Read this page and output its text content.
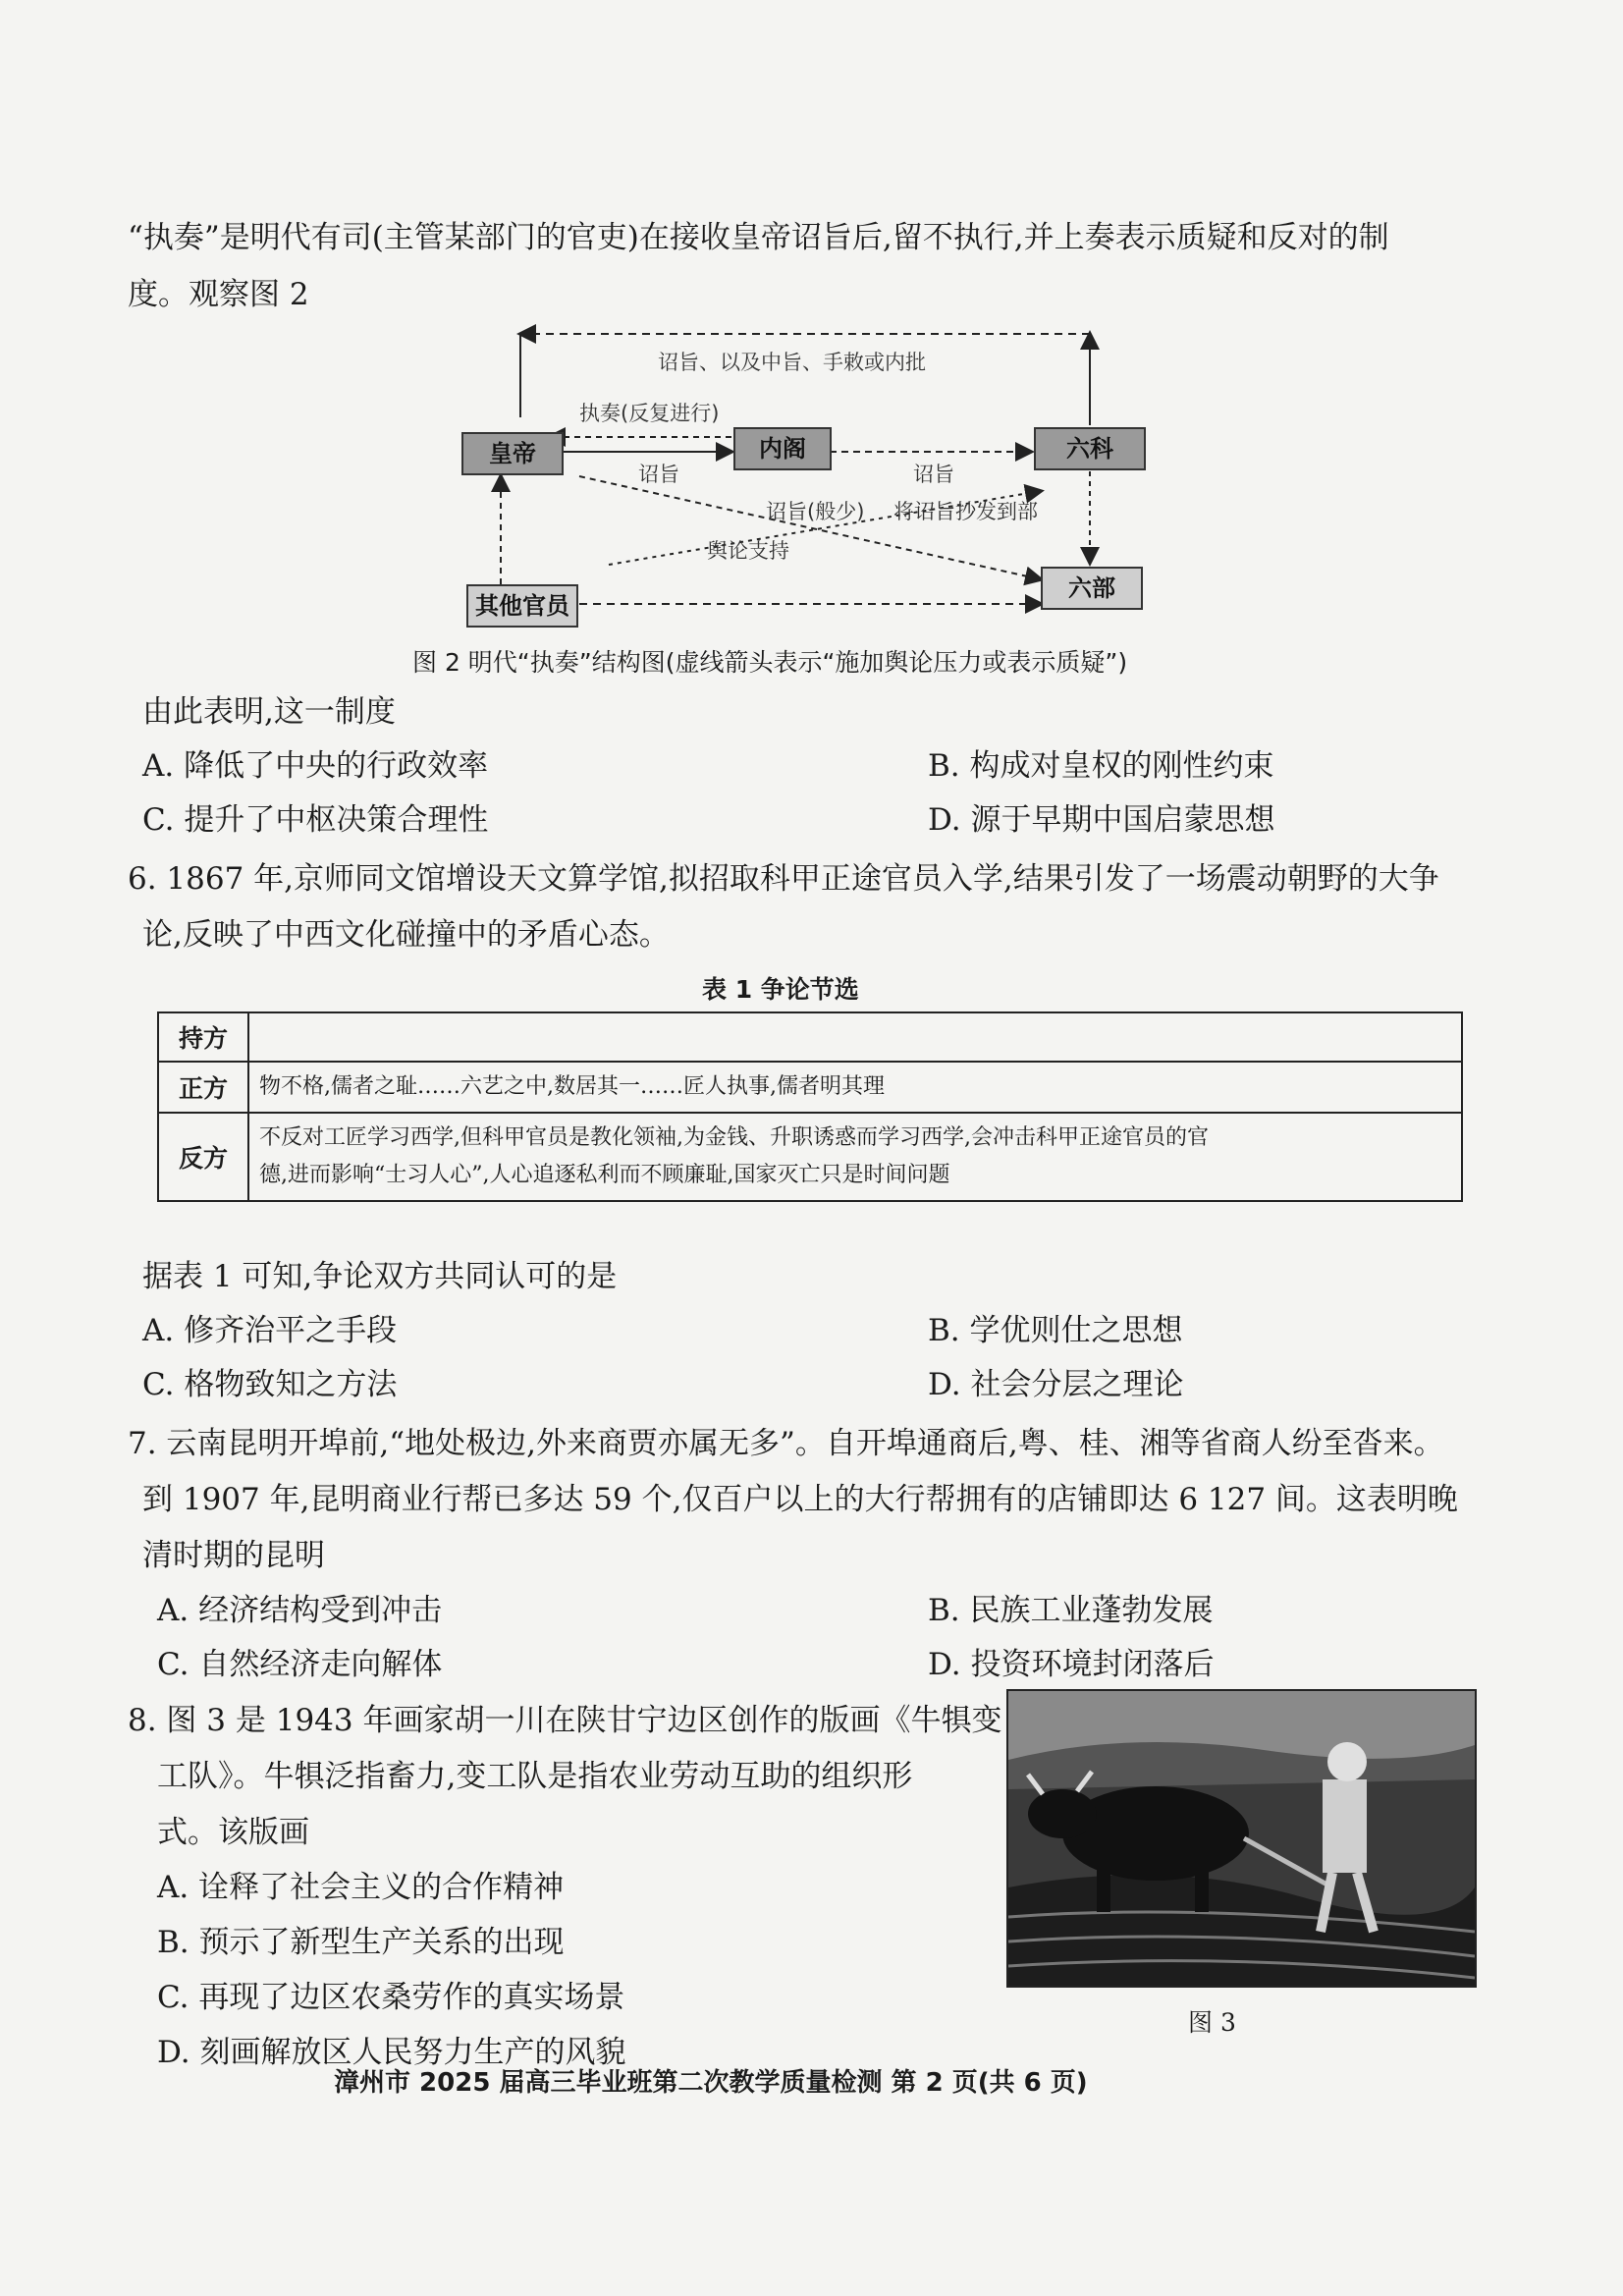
“执奏”是明代有司(主管某部门的官吏)在接收皇帝诏旨后,留不执行,并上奏表示质疑和反对的制
度。观察图 2
皇帝	内阁	六科
六部
其他官员
诏旨、以及中旨、手敕或内批
执奏(反复进行)
诏旨	诏旨
诏旨(般少) 将诏旨抄发到部
舆论支持
图 2 明代“执奏”结构图(虚线箭头表示“施加舆论压力或表示质疑”)
由此表明,这一制度
A. 降低了中央的行政效率	B. 构成对皇权的刚性约束
C. 提升了中枢决策合理性	D. 源于早期中国启蒙思想
6. 1867 年,京师同文馆增设天文算学馆,拟招取科甲正途官员入学,结果引发了一场震动朝野的大争
论,反映了中西文化碰撞中的矛盾心态。
表 1 争论节选
持方	
正方	物不格,儒者之耻……六艺之中,数居其一……匠人执事,儒者明其理
反方	不反对工匠学习西学,但科甲官员是教化领袖,为金钱、升职诱惑而学习西学,会冲击科甲正途官员的官
德,进而影响“士习人心”,人心追逐私利而不顾廉耻,国家灭亡只是时间问题
据表 1 可知,争论双方共同认可的是
A. 修齐治平之手段	B. 学优则仕之思想
C. 格物致知之方法	D. 社会分层之理论
7. 云南昆明开埠前,“地处极边,外来商贾亦属无多”。自开埠通商后,粤、桂、湘等省商人纷至沓来。
到 1907 年,昆明商业行帮已多达 59 个,仅百户以上的大行帮拥有的店铺即达 6 127 间。这表明晚
清时期的昆明
A. 经济结构受到冲击	B. 民族工业蓬勃发展
C. 自然经济走向解体	D. 投资环境封闭落后
8. 图 3 是 1943 年画家胡一川在陕甘宁边区创作的版画《牛犋变
工队》。牛犋泛指畜力,变工队是指农业劳动互助的组织形
式。该版画
A. 诠释了社会主义的合作精神
B. 预示了新型生产关系的出现
C. 再现了边区农桑劳作的真实场景
D. 刻画解放区人民努力生产的风貌
图 3
漳州市 2025 届高三毕业班第二次教学质量检测 第 2 页(共 6 页)
